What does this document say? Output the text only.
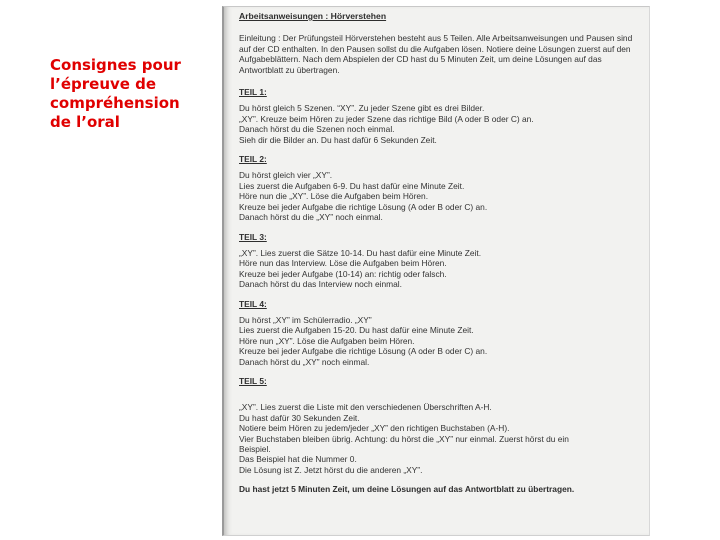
Consignes pour
l’épreuve de
compréhension
de l’oral
Arbeitsanweisungen : Hörverstehen
Einleitung : Der Prüfungsteil Hörverstehen besteht aus 5 Teilen. Alle Arbeitsanweisungen und Pausen sind auf der CD enthalten. In den Pausen sollst du die Aufgaben lösen. Notiere deine Lösungen zuerst auf den Aufgabeblättern. Nach dem Abspielen der CD hast du 5 Minuten Zeit, um deine Lösungen auf das Antwortblatt zu übertragen.
TEIL 1:
Du hörst gleich 5 Szenen. “XY”. Zu jeder Szene gibt es drei Bilder.
„XY”. Kreuze beim Hören zu jeder Szene das richtige Bild (A oder B oder C) an.
Danach hörst du die Szenen noch einmal.
Sieh dir die Bilder an. Du hast dafür 6 Sekunden Zeit.
TEIL 2:
Du hörst gleich vier „XY”.
Lies zuerst die Aufgaben 6-9. Du hast dafür eine Minute Zeit.
Höre nun die „XY”. Löse die Aufgaben beim Hören.
Kreuze bei jeder Aufgabe die richtige Lösung (A oder B oder C) an.
Danach hörst du die „XY” noch einmal.
TEIL 3:
„XY”. Lies zuerst die Sätze 10-14. Du hast dafür eine Minute Zeit.
Höre nun das Interview. Löse die Aufgaben beim Hören.
Kreuze bei jeder Aufgabe (10-14) an: richtig oder falsch.
Danach hörst du das Interview noch einmal.
TEIL 4:
Du hörst „XY” im Schülerradio. „XY”
Lies zuerst die Aufgaben 15-20. Du hast dafür eine Minute Zeit.
Höre nun „XY”. Löse die Aufgaben beim Hören.
Kreuze bei jeder Aufgabe die richtige Lösung (A oder B oder C) an.
Danach hörst du „XY” noch einmal.
TEIL 5:
„XY”. Lies zuerst die Liste mit den verschiedenen Überschriften A-H.
Du hast dafür 30 Sekunden Zeit.
Notiere beim Hören zu jedem/jeder „XY” den richtigen Buchstaben (A-H).
Vier Buchstaben bleiben übrig. Achtung: du hörst die „XY” nur einmal. Zuerst hörst du ein
Beispiel.
Das Beispiel hat die Nummer 0.
Die Lösung ist Z. Jetzt hörst du die anderen „XY”.
Du hast jetzt 5 Minuten Zeit, um deine Lösungen auf das Antwortblatt zu übertragen.
